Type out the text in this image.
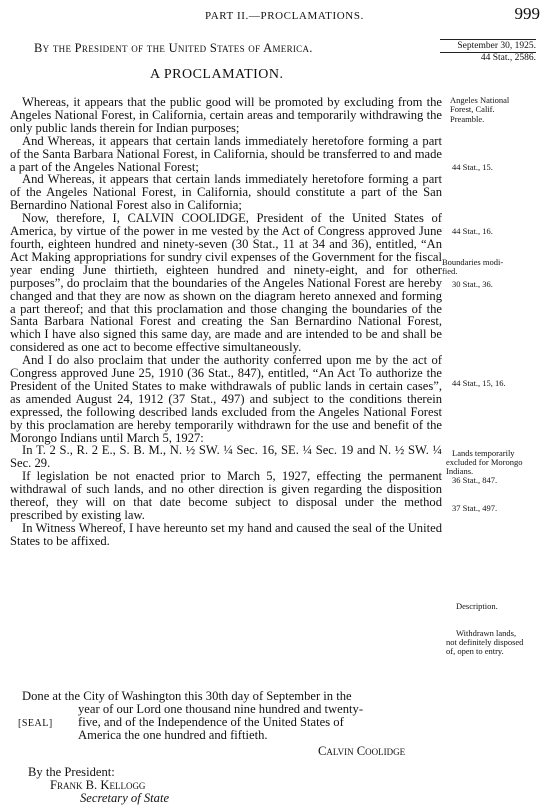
PART II.—PROCLAMATIONS.	999
By the President of the United States of America.	September 30, 1925.
44 Stat., 2586.
A PROCLAMATION.

Whereas, it appears that the public good will be promoted by excluding from the Angeles National Forest, in California, certain areas and temporarily withdrawing the only public lands therein for Indian purposes;

And Whereas, it appears that certain lands immediately heretofore forming a part of the Santa Barbara National Forest, in California, should be transferred to and made a part of the Angeles National Forest;

And Whereas, it appears that certain lands immediately heretofore forming a part of the Angeles National Forest, in California, should constitute a part of the San Bernardino National Forest also in California;

Now, therefore, I, CALVIN COOLIDGE, President of the United States of America, by virtue of the power in me vested by the Act of Congress approved June fourth, eighteen hundred and ninety-seven (30 Stat., 11 at 34 and 36), entitled, “An Act Making appropriations for sundry civil expenses of the Government for the fiscal year ending June thirtieth, eighteen hundred and ninety-eight, and for other purposes”, do proclaim that the boundaries of the Angeles National Forest are hereby changed and that they are now as shown on the diagram hereto annexed and forming a part thereof; and that this proclamation and those changing the boundaries of the Santa Barbara National Forest and creating the San Bernardino National Forest, which I have also signed this same day, are made and are intended to be and shall be considered as one act to become effective simultaneously.

And I do also proclaim that under the authority conferred upon me by the act of Congress approved June 25, 1910 (36 Stat., 847), entitled, “An Act To authorize the President of the United States to make withdrawals of public lands in certain cases”, as amended August 24, 1912 (37 Stat., 497) and subject to the conditions therein expressed, the following described lands excluded from the Angeles National Forest by this proclamation are hereby temporarily withdrawn for the use and benefit of the Morongo Indians until March 5, 1927:

In T. 2 S., R. 2 E., S. B. M., N. ½ SW. ¼ Sec. 16, SE. ¼ Sec. 19 and N. ½ SW. ¼ Sec. 29.

If legislation be not enacted prior to March 5, 1927, effecting the permanent withdrawal of such lands, and no other direction is given regarding the disposition thereof, they will on that date become subject to disposal under the method prescribed by existing law.

In Witness Whereof, I have hereunto set my hand and caused the seal of the United States to be affixed.

Done at the City of Washington this 30th day of September in the
year of our Lord one thousand nine hundred and twenty-
[SEAL] five, and of the Independence of the United States of
America the one hundred and fiftieth.
Calvin Coolidge
By the President:
Frank B. Kellogg
Secretary of State
Angeles National
Forest, Calif.
Preamble.
44 Stat., 15.
44 Stat., 16.
Boundaries modi-
fied.
30 Stat., 36.
44 Stat., 15, 16.
Lands temporarily
excluded for Morongo
Indians.
36 Stat., 847.
37 Stat., 497.
Description.
Withdrawn lands,
not definitely disposed
of, open to entry.
